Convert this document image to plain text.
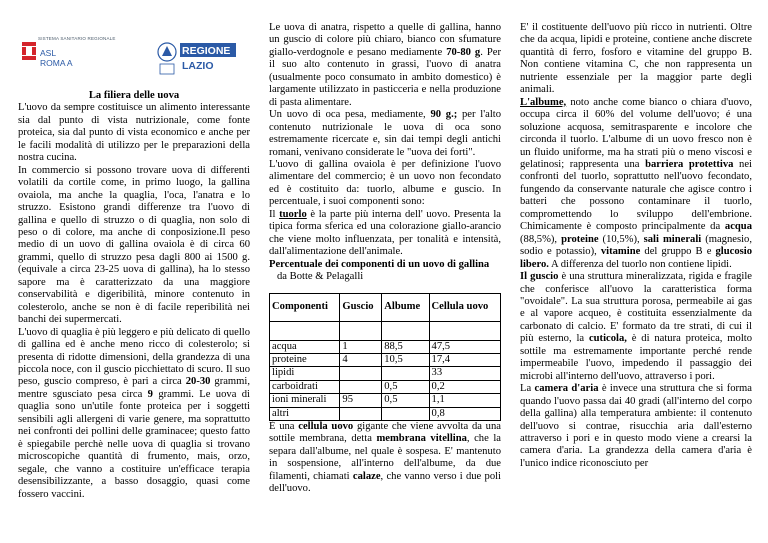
SISTEMA SANITARIO REGIONALE
ASL
ROMA A
REGIONE
LAZIO

La filiera delle uova

L'uovo da sempre costituisce un alimento interessante sia dal punto di vista nutrizionale, come fonte proteica, sia dal punto di vista economico e anche per le facili modalità di utilizzo per le preparazioni della nostra cucina.

In commercio si possono trovare uova di differenti volatili da cortile come, in primo luogo, la gallina ovaiola, ma anche la quaglia, l'oca, l'anatra e lo struzzo. Esistono grandi differenze tra l'uovo di gallina e quello di struzzo o di quaglia, non solo di peso o di colore, ma anche di conposizione.Il peso medio di un uovo di gallina ovaiola è di circa 60 grammi, quello di struzzo pesa dagli 800 ai 1500 g. (equivale a circa 23-25 uova di gallina), ha lo stesso sapore ma è caratterizzato da una maggiore conservabilità e digeribilità, minore contenuto in colesterolo, anche se non è di facile reperibilità nei banchi dei supermercati.

L'uovo di quaglia è più leggero e più delicato di quello di gallina ed è anche meno ricco di colesterolo; si presenta di ridotte dimensioni, della grandezza di una piccola noce, con il guscio picchiettato di scuro. Il suo peso, guscio compreso, è pari a circa 20-30 grammi, mentre sgusciato pesa circa 9 grammi. Le uova di quaglia sono un'utile fonte proteica per i soggetti sensibili agli allergeni di varie genere, ma soprattutto nei confronti dei pollini delle graminacee; questo fatto è spiegabile perchè nelle uova di quaglia si trovano microscopiche quantità di frumento, mais, orzo, segale, che vanno a costituire un'efficace terapia desensibilizzante, a basso dosaggio, quasi come fossero vaccini.

Le uova di anatra, rispetto a quelle di gallina, hanno un guscio di colore più chiaro, bianco con sfumature giallo-verdognole e pesano mediamente 70-80 g. Per il suo alto contenuto in grassi, l'uovo di anatra (usualmente poco consumato in ambito domestico) è largamente utilizzato in pasticceria e nella produzione di pasta alimentare.

Un uovo di oca pesa, mediamente, 90 g.; per l'alto contenuto nutrizionale le uova di oca sono estremamente ricercate e, sin dai tempi degli antichi romani, venivano considerate le "uova dei forti".

L'uovo di gallina ovaiola è per definizione l'uovo alimentare del commercio; è un uovo non fecondato ed è costituito da: tuorlo, albume e guscio. In percentuale, i suoi componenti sono:

Il tuorlo è la parte più interna dell' uovo. Presenta la tipica forma sferica ed una colorazione giallo-arancio che viene molto influenzata, per tonalità e intensità, dall'alimentazione dell'animale.

Percentuale dei componenti di un uovo di gallina

da Botte & Pelagalli

Componenti	Guscio	Albume	Cellula uovo

acqua	1	88,5	47,5
proteine	4	10,5	17,4
lipidi			33
carboidrati		0,5	0,2
ioni minerali	95	0,5	1,1
altri			0,8

È una cellula uovo gigante che viene avvolta da una sottile membrana, detta membrana vitellina, che la separa dall'albume, nel quale è sospesa. E' mantenuto in sospensione, all'interno dell'albume, da due filamenti, chiamati calaze, che vanno verso i due poli dell'uovo.

E' il costituente dell'uovo più ricco in nutrienti. Oltre che da acqua, lipidi e proteine, contiene anche discrete quantità di ferro, fosforo e vitamine del gruppo B. Non contiene vitamina C, che non rappresenta un nutriente essenziale per la maggior parte degli animali.

L'albume, noto anche come bianco o chiara d'uovo, occupa circa il 60% del volume dell'uovo; é una soluzione acquosa, semitrasparente e incolore che circonda il tuorlo. L'albume di un uovo fresco non è un fluido uniforme, ma ha strati più o meno viscosi e gelatinosi; rappresenta una barriera protettiva nei confronti del tuorlo, soprattutto nell'uovo fecondato, fungendo da conservante naturale che agisce contro i batteri che possono contaminare il tuorlo, compromettendo lo sviluppo dell'embrione. Chimicamente è composto principalmente da acqua (88,5%), proteine (10,5%), sali minerali (magnesio, sodio e potassio), vitamine del gruppo B e glucosio libero. A differenza del tuorlo non contiene lipidi.

Il guscio è una struttura mineralizzata, rigida e fragile che conferisce all'uovo la caratteristica forma "ovoidale". La sua struttura porosa, permeabile ai gas e al vapore acqueo, è costituita essenzialmente da carbonato di calcio. E' formato da tre strati, di cui il più esterno, la cuticola, è di natura proteica, molto sottile ma estremamente importante perché rende impermeabile l'uovo, impedendo il passaggio dei microbi all'interno dell'uovo, attraverso i pori.

La camera d'aria è invece una struttura che si forma quando l'uovo passa dai 40 gradi (all'interno del corpo della gallina) alla temperatura ambiente: il contenuto dell'uovo si contrae, risucchia aria dall'esterno attraverso i pori e in questo modo viene a crearsi la camera d'aria. La grandezza della camera d'aria è l'unico indice riconosciuto per
